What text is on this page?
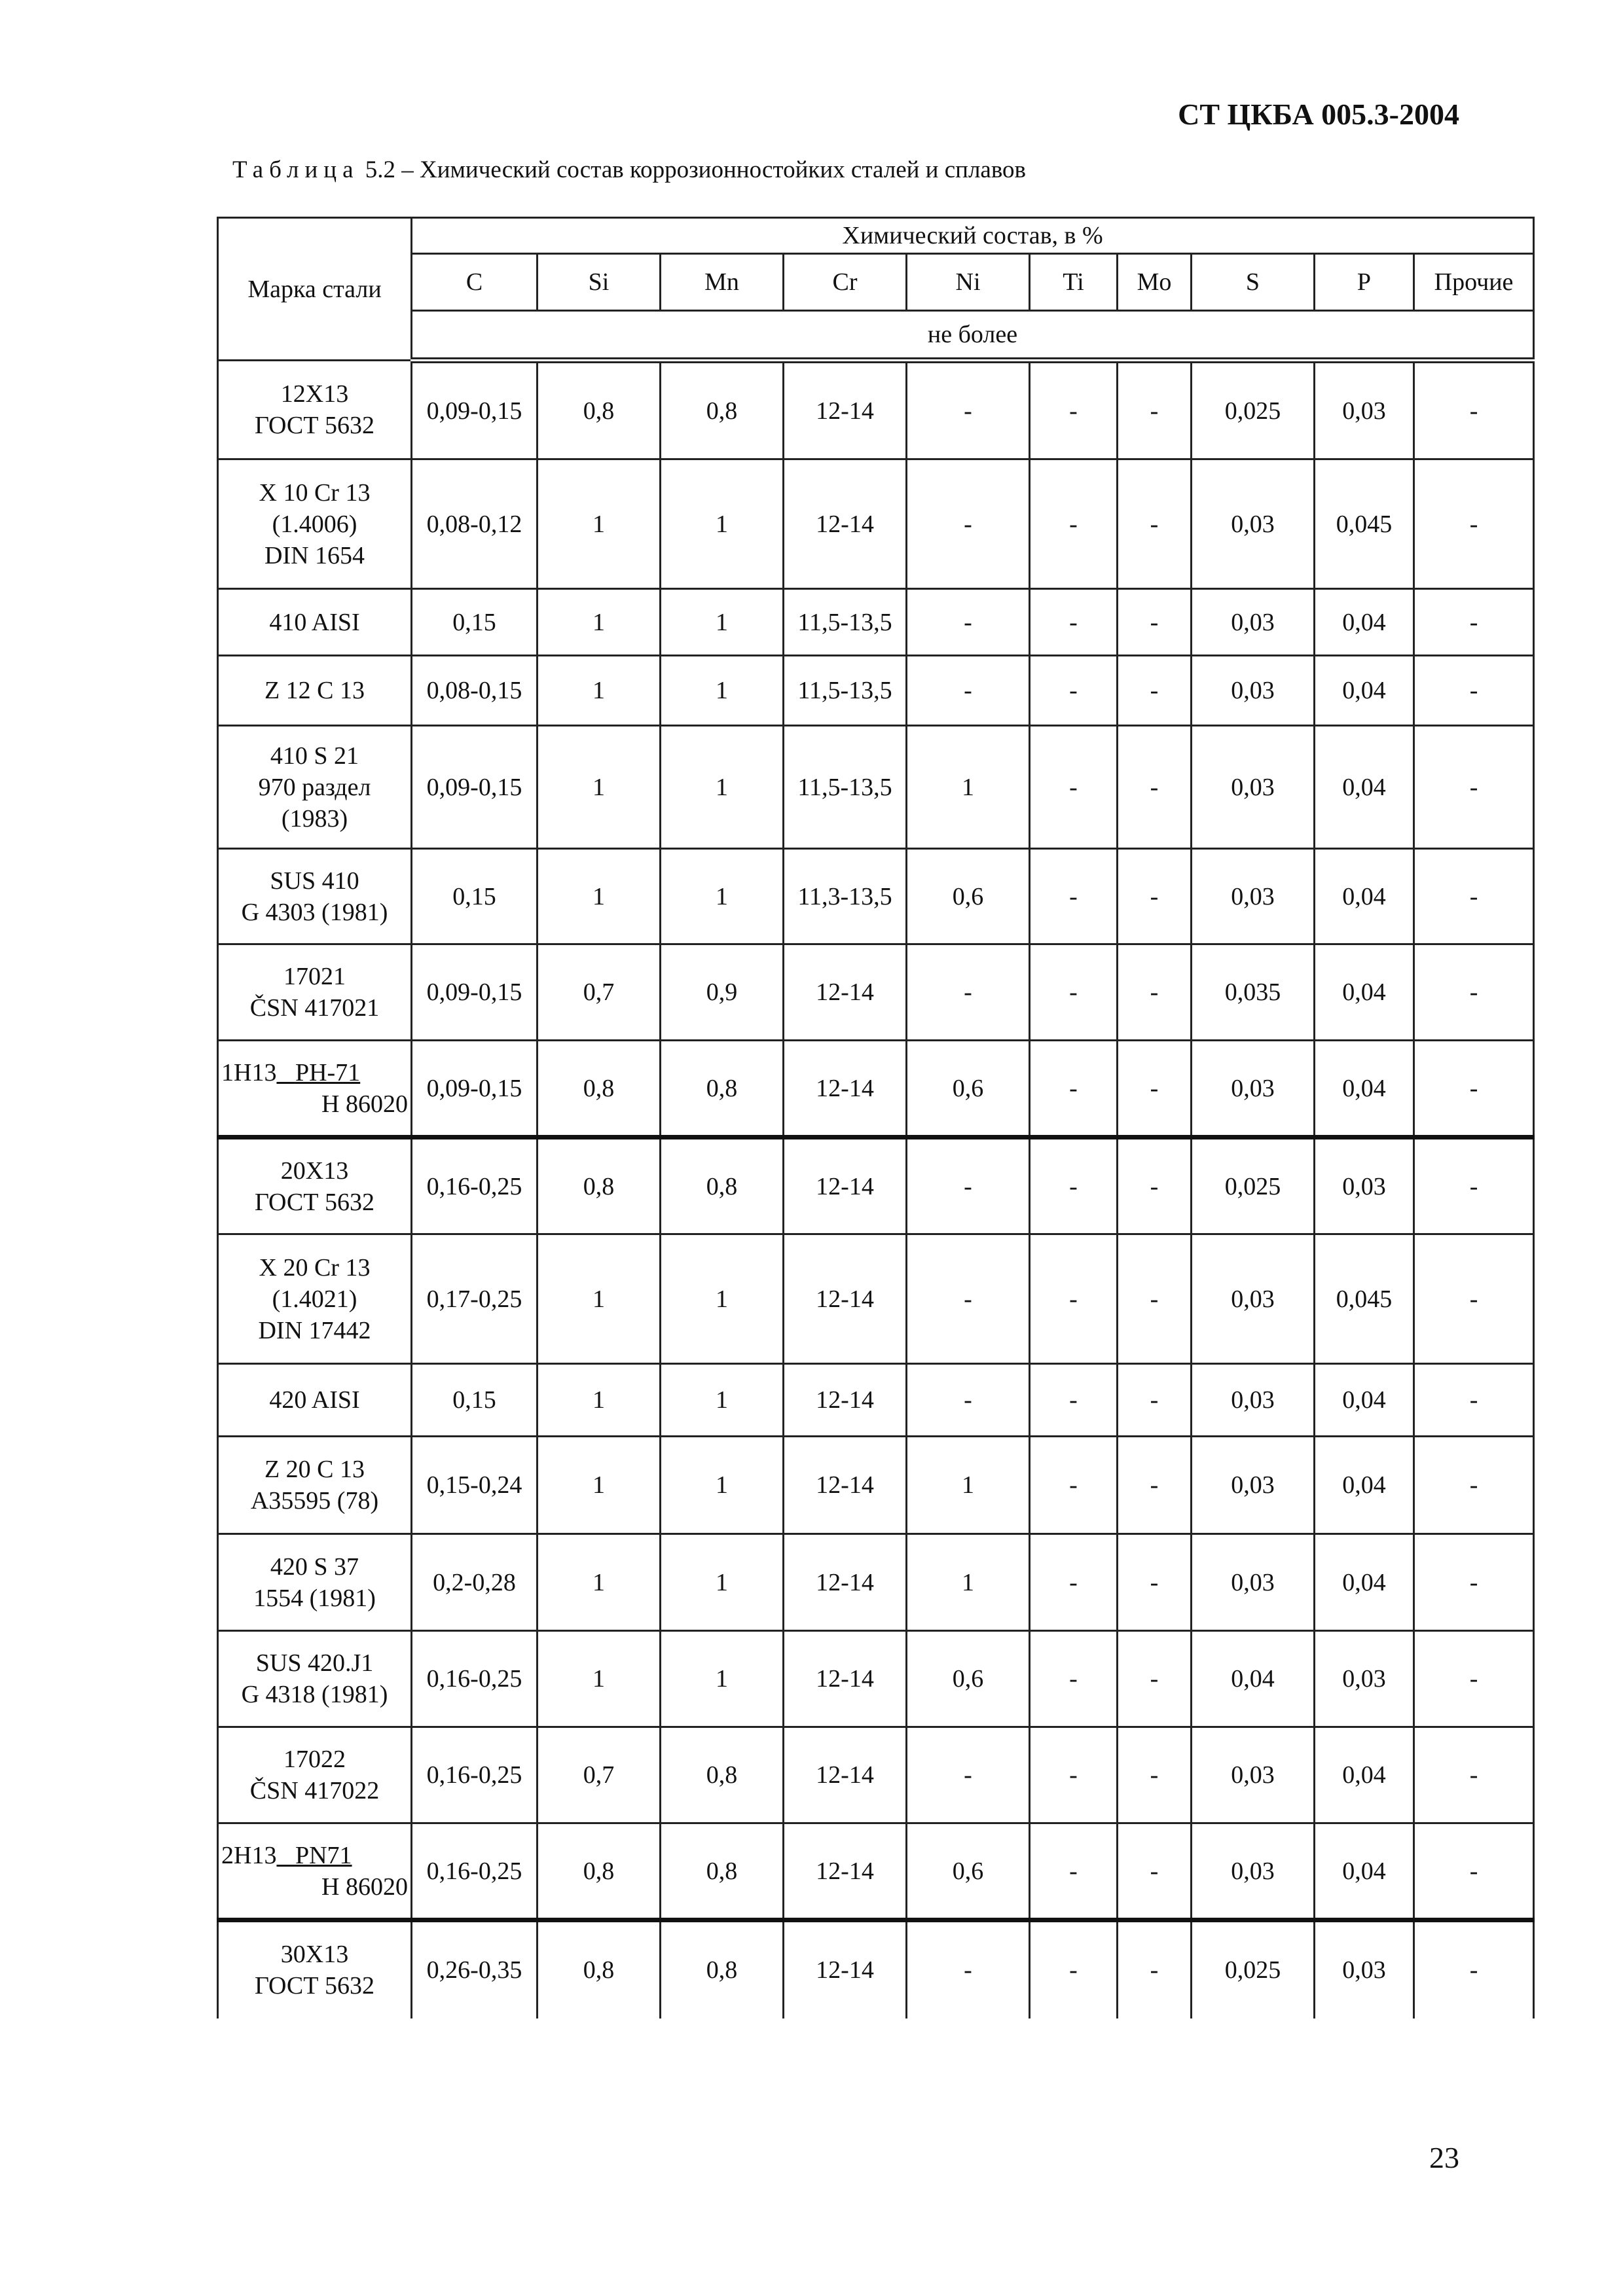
СТ ЦКБА 005.3-2004
Таблица 5.2 – Химический состав коррозионностойких сталей и сплавов
Марка стали	Химический состав, в %									
	C	Si	Mn	Cr	Ni	Ti	Mo	S	P	Прочие
	не более									

12Х13
ГОСТ 5632	0,09-0,15	0,8	0,8	12-14	-	-	-	0,025	0,03	-

X 10 Cr 13
(1.4006)
DIN 1654	0,08-0,12	1	1	12-14	-	-	-	0,03	0,045	-

410 AISI	0,15	1	1	11,5-13,5	-	-	-	0,03	0,04	-

Z 12 C 13	0,08-0,15	1	1	11,5-13,5	-	-	-	0,03	0,04	-

410 S 21
970 раздел
(1983)	0,09-0,15	1	1	11,5-13,5	1	-	-	0,03	0,04	-

SUS 410
G 4303 (1981)	0,15	1	1	11,3-13,5	0,6	-	-	0,03	0,04	-

17021
ČSN 417021	0,09-0,15	0,7	0,9	12-14	-	-	-	0,035	0,04	-

1H13 PH-71
H 86020	0,09-0,15	0,8	0,8	12-14	0,6	-	-	0,03	0,04	-

20Х13
ГОСТ 5632	0,16-0,25	0,8	0,8	12-14	-	-	-	0,025	0,03	-

X 20 Cr 13
(1.4021)
DIN 17442	0,17-0,25	1	1	12-14	-	-	-	0,03	0,045	-

420 AISI	0,15	1	1	12-14	-	-	-	0,03	0,04	-

Z 20 C 13
A35595 (78)	0,15-0,24	1	1	12-14	1	-	-	0,03	0,04	-

420 S 37
1554 (1981)	0,2-0,28	1	1	12-14	1	-	-	0,03	0,04	-

SUS 420.J1
G 4318 (1981)	0,16-0,25	1	1	12-14	0,6	-	-	0,04	0,03	-

17022
ČSN 417022	0,16-0,25	0,7	0,8	12-14	-	-	-	0,03	0,04	-

2H13 PN71
H 86020	0,16-0,25	0,8	0,8	12-14	0,6	-	-	0,03	0,04	-

30Х13
ГОСТ 5632	0,26-0,35	0,8	0,8	12-14	-	-	-	0,025	0,03	-
23
